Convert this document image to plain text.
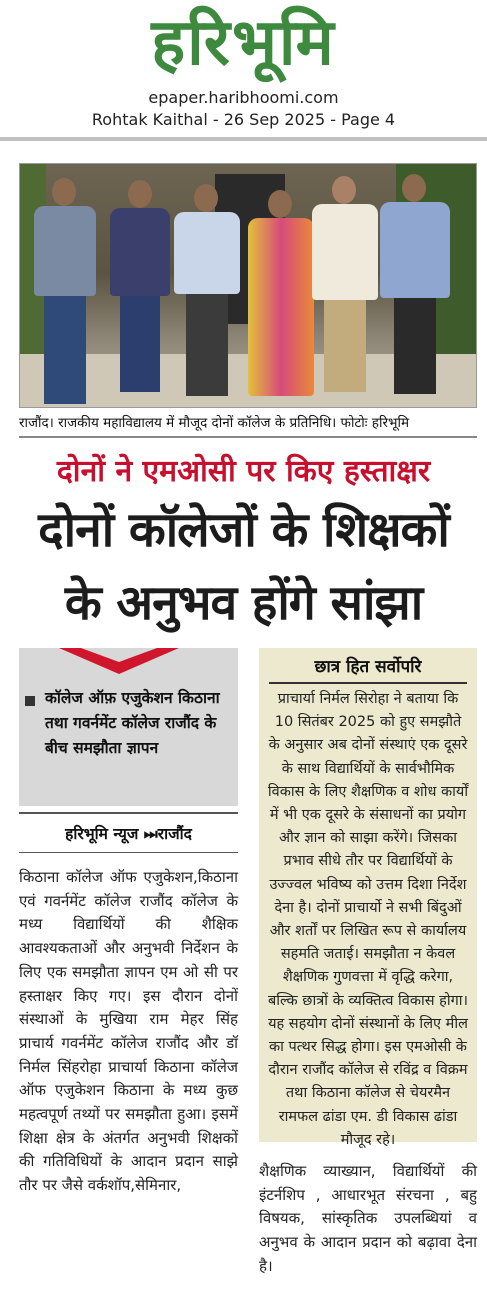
हरिभूमि
epaper.haribhoomi.com
Rohtak Kaithal - 26 Sep 2025 - Page 4
राजौंद। राजकीय महाविद्यालय में मौजूद दोनों कॉलेज के प्रतिनिधि। फोटोः हरिभूमि
दोनों ने एमओसी पर किए हस्ताक्षर
दोनों कॉलेजों के शिक्षकों
के अनुभव होंगे सांझा
कॉलेज ऑफ़ एजुकेशन किठाना तथा गवर्नमेंट कॉलेज राजौंद के बीच समझौता ज्ञापन
हरिभूमि न्यूज ⏭राजौंद
किठाना कॉलेज ऑफ एजुकेशन,किठाना एवं गवर्नमेंट कॉलेज राजौंद कॉलेज के मध्य विद्यार्थियों की शैक्षिक आवश्यकताओं और अनुभवी निर्देशन के लिए एक समझौता ज्ञापन एम ओ सी पर हस्ताक्षर किए गए। इस दौरान दोनों संस्थाओं के मुखिया राम मेहर सिंह प्राचार्य गवर्नमेंट कॉलेज राजौंद और डॉ निर्मल सिंहरोहा प्राचार्या किठाना कॉलेज ऑफ एजुकेशन किठाना के मध्य कुछ महत्वपूर्ण तथ्यों पर समझौता हुआ। इसमें शिक्षा क्षेत्र के अंतर्गत अनुभवी शिक्षकों की गतिविधियों के आदान प्रदान साझे तौर पर जैसे वर्कशॉप,सेमिनार,
छात्र हित सर्वोपरि
प्राचार्या निर्मल सिरोहा ने बताया कि 10 सितंबर 2025 को हुए समझौते के अनुसार अब दोनों संस्थाएं एक दूसरे के साथ विद्यार्थियों के सार्वभौमिक विकास के लिए शैक्षणिक व शोध कार्यों में भी एक दूसरे के संसाधनों का प्रयोग और ज्ञान को साझा करेंगे। जिसका प्रभाव सीधे तौर पर विद्यार्थियों के उज्ज्वल भविष्य को उत्तम दिशा निर्देश देना है। दोनों प्राचार्यो ने सभी बिंदुओं और शर्तों पर लिखित रूप से कार्यालय सहमति जताई। समझौता न केवल शैक्षणिक गुणवत्ता में वृद्धि करेगा, बल्कि छात्रों के व्यक्तित्व विकास होगा। यह सहयोग दोनों संस्थानों के लिए मील का पत्थर सिद्ध होगा। इस एमओसी के दौरान राजौंद कॉलेज से रविंद्र व विक्रम तथा किठाना कॉलेज से चेयरमैन रामफल ढांडा एम. डी विकास ढांडा मौजूद रहे।
शैक्षणिक व्याख्यान, विद्यार्थियों की इंटर्नशिप , आधारभूत संरचना , बहु विषयक, सांस्कृतिक उपलब्धियां व अनुभव के आदान प्रदान को बढ़ावा देना है।
